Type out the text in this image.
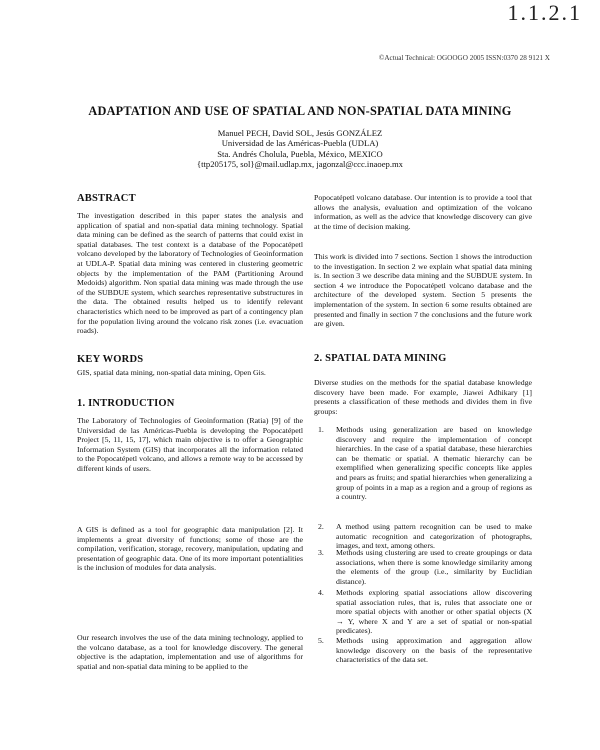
1.1.2.1
©Actual Technical: OGOOGO 2005 ISSN:0370 28 9121 X
ADAPTATION AND USE OF SPATIAL AND NON-SPATIAL DATA MINING
Manuel PECH, David SOL, Jesús GONZÁLEZ
Universidad de las Américas-Puebla (UDLA)
Sta. Andrés Cholula, Puebla, México, MEXICO
{ttp205175, sol}@mail.udlap.mx, jagonzal@ccc.inaoep.mx
ABSTRACT
The investigation described in this paper states the analysis and application of spatial and non-spatial data mining technology. Spatial data mining can be defined as the search of patterns that could exist in spatial databases. The test context is a database of the Popocatépetl volcano developed by the laboratory of Technologies of Geoinformation at UDLA-P. Spatial data mining was centered in clustering geometric objects by the implementation of the PAM (Partitioning Around Medoids) algorithm. Non spatial data mining was made through the use of the SUBDUE system, which searches representative substructures in the data. The obtained results helped us to identify relevant characteristics which need to be improved as part of a contingency plan for the population living around the volcano risk zones (i.e. evacuation roads).
KEY WORDS
GIS, spatial data mining, non-spatial data mining, Open Gis.
1. INTRODUCTION
The Laboratory of Technologies of Geoinformation (Ratia) [9] of the Universidad de las Américas-Puebla is developing the Popocatépetl Project [5, 11, 15, 17], which main objective is to offer a Geographic Information System (GIS) that incorporates all the information related to the Popocatépetl volcano, and allows a remote way to be accessed by different kinds of users.
A GIS is defined as a tool for geographic data manipulation [2]. It implements a great diversity of functions; some of those are the compilation, verification, storage, recovery, manipulation, updating and presentation of geographic data. One of its more important potentialities is the inclusion of modules for data analysis.
Our research involves the use of the data mining technology, applied to the volcano database, as a tool for knowledge discovery. The general objective is the adaptation, implementation and use of algorithms for spatial and non-spatial data mining to be applied to the
Popocatépetl volcano database. Our intention is to provide a tool that allows the analysis, evaluation and optimization of the volcano information, as well as the advice that knowledge discovery can give at the time of decision making.
This work is divided into 7 sections. Section 1 shows the introduction to the investigation. In section 2 we explain what spatial data mining is. In section 3 we describe data mining and the SUBDUE system. In section 4 we introduce the Popocatépetl volcano database and the architecture of the developed system. Section 5 presents the implementation of the system. In section 6 some results obtained are presented and finally in section 7 the conclusions and the future work are given.
2. SPATIAL DATA MINING
Diverse studies on the methods for the spatial database knowledge discovery have been made. For example, Jiawei Adhikary [1] presents a classification of these methods and divides them in five groups:
1. Methods using generalization are based on knowledge discovery and require the implementation of concept hierarchies. In the case of a spatial database, these hierarchies can be thematic or spatial. A thematic hierarchy can be exemplified when generalizing specific concepts like apples and pears as fruits; and spatial hierarchies when generalizing a group of points in a map as a region and a group of regions as a country.
2. A method using pattern recognition can be used to make automatic recognition and categorization of photographs, images, and text, among others.
3. Methods using clustering are used to create groupings or data associations, when there is some knowledge similarity among the elements of the group (i.e., similarity by Euclidian distance).
4. Methods exploring spatial associations allow discovering spatial association rules, that is, rules that associate one or more spatial objects with another or other spatial objects (X → Y, where X and Y are a set of spatial or non-spatial predicates).
5. Methods using approximation and aggregation allow knowledge discovery on the basis of the representative characteristics of the data set.
